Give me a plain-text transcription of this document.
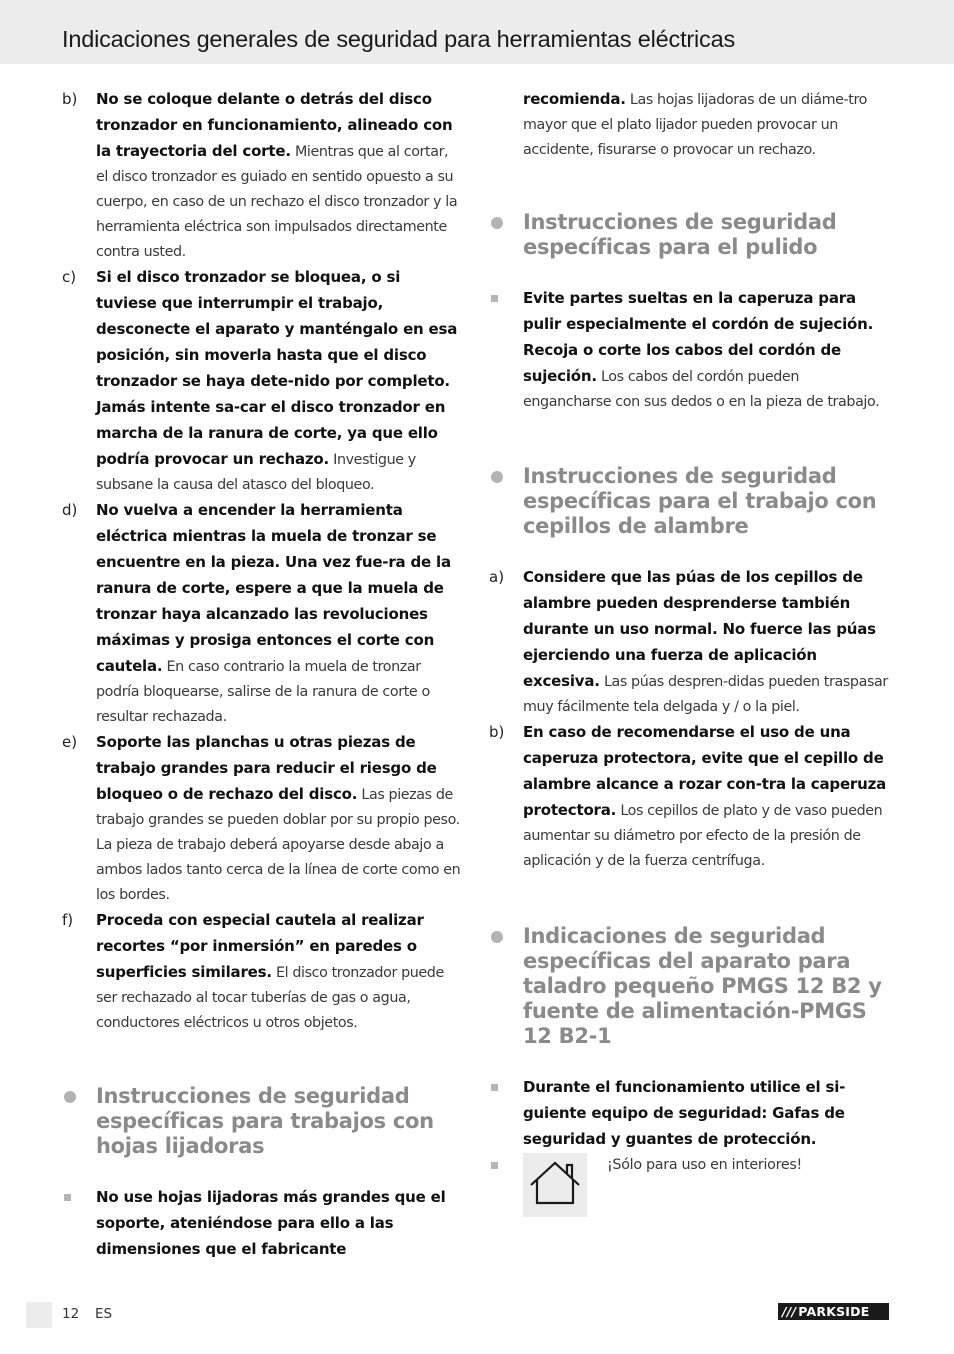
Indicaciones generales de seguridad para herramientas eléctricas
b) No se coloque delante o detrás del disco tronzador en funcionamiento, alineado con la trayectoria del corte. Mientras que al cortar, el disco tronzador es guiado en sentido opuesto a su cuerpo, en caso de un rechazo el disco tronzador y la herramienta eléctrica son impulsados directamente contra usted.
c) Si el disco tronzador se bloquea, o si tuviese que interrumpir el trabajo, desconecte el aparato y manténgalo en esa posición, sin moverla hasta que el disco tronzador se haya dete-nido por completo. Jamás intente sa-car el disco tronzador en marcha de la ranura de corte, ya que ello podría provocar un rechazo. Investigue y subsane la causa del atasco del bloqueo.
d) No vuelva a encender la herramienta eléctrica mientras la muela de tronzar se encuentre en la pieza. Una vez fue-ra de la ranura de corte, espere a que la muela de tronzar haya alcanzado las revoluciones máximas y prosiga entonces el corte con cautela. En caso contrario la muela de tronzar podría bloquearse, salirse de la ranura de corte o resultar rechazada.
e) Soporte las planchas u otras piezas de trabajo grandes para reducir el riesgo de bloqueo o de rechazo del disco. Las piezas de trabajo grandes se pueden doblar por su propio peso. La pieza de trabajo deberá apoyarse desde abajo a ambos lados tanto cerca de la línea de corte como en los bordes.
f) Proceda con especial cautela al realizar recortes “por inmersión” en paredes o superficies similares. El disco tronzador puede ser rechazado al tocar tuberías de gas o agua, conductores eléctricos u otros objetos.
Instrucciones de seguridad específicas para trabajos con hojas lijadoras
No use hojas lijadoras más grandes que el soporte, ateniéndose para ello a las dimensiones que el fabricante
recomienda. Las hojas lijadoras de un diáme-tro mayor que el plato lijador pueden provocar un accidente, fisurarse o provocar un rechazo.
Instrucciones de seguridad específicas para el pulido
Evite partes sueltas en la caperuza para pulir especialmente el cordón de sujeción. Recoja o corte los cabos del cordón de sujeción. Los cabos del cordón pueden engancharse con sus dedos o en la pieza de trabajo.
Instrucciones de seguridad específicas para el trabajo con cepillos de alambre
a) Considere que las púas de los cepillos de alambre pueden desprenderse también durante un uso normal. No fuerce las púas ejerciendo una fuerza de aplicación excesiva. Las púas despren-didas pueden traspasar muy fácilmente tela delgada y / o la piel.
b) En caso de recomendarse el uso de una caperuza protectora, evite que el cepillo de alambre alcance a rozar con-tra la caperuza protectora. Los cepillos de plato y de vaso pueden aumentar su diámetro por efecto de la presión de aplicación y de la fuerza centrífuga.
Indicaciones de seguridad específicas del aparato para taladro pequeño PMGS 12 B2 y fuente de alimentación-PMGS 12 B2-1
Durante el funcionamiento utilice el si-guiente equipo de seguridad: Gafas de seguridad y guantes de protección.
¡Sólo para uso en interiores!
12 ES	/// PARKSIDE
